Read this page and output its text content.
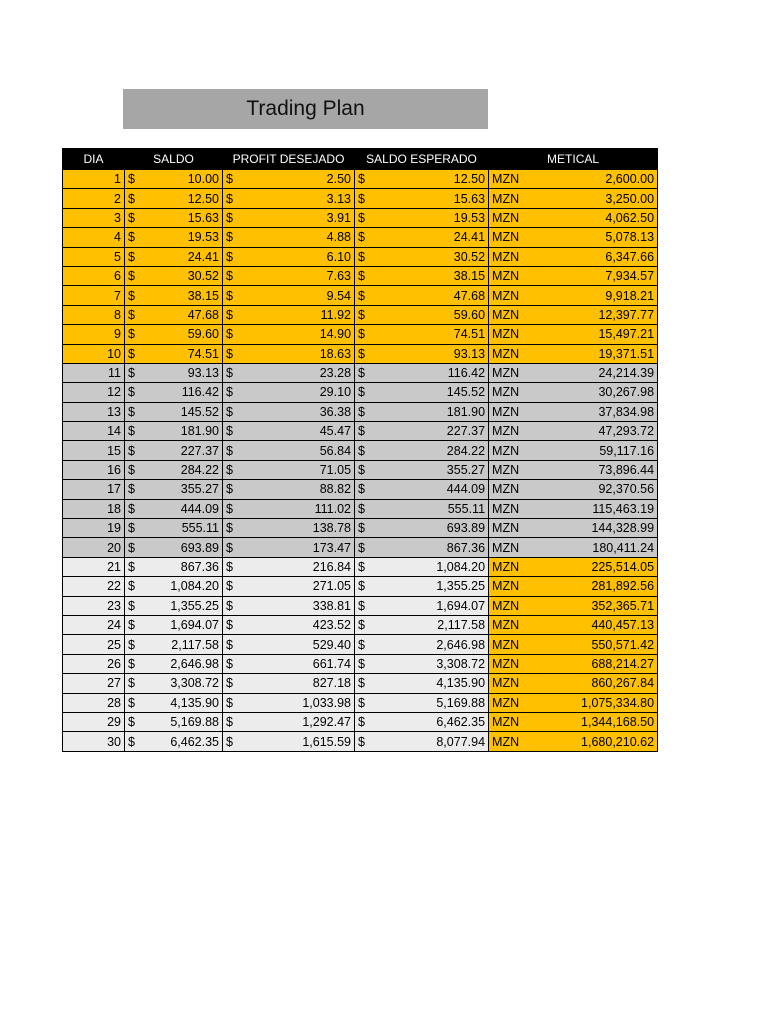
Trading Plan
DIA	SALDO		PROFIT DESEJADO		SALDO ESPERADO		METICAL	
1	$	10.00	$	2.50	$	12.50	MZN	2,600.00
2	$	12.50	$	3.13	$	15.63	MZN	3,250.00
3	$	15.63	$	3.91	$	19.53	MZN	4,062.50
4	$	19.53	$	4.88	$	24.41	MZN	5,078.13
5	$	24.41	$	6.10	$	30.52	MZN	6,347.66
6	$	30.52	$	7.63	$	38.15	MZN	7,934.57
7	$	38.15	$	9.54	$	47.68	MZN	9,918.21
8	$	47.68	$	11.92	$	59.60	MZN	12,397.77
9	$	59.60	$	14.90	$	74.51	MZN	15,497.21
10	$	74.51	$	18.63	$	93.13	MZN	19,371.51
11	$	93.13	$	23.28	$	116.42	MZN	24,214.39
12	$	116.42	$	29.10	$	145.52	MZN	30,267.98
13	$	145.52	$	36.38	$	181.90	MZN	37,834.98
14	$	181.90	$	45.47	$	227.37	MZN	47,293.72
15	$	227.37	$	56.84	$	284.22	MZN	59,117.16
16	$	284.22	$	71.05	$	355.27	MZN	73,896.44
17	$	355.27	$	88.82	$	444.09	MZN	92,370.56
18	$	444.09	$	111.02	$	555.11	MZN	115,463.19
19	$	555.11	$	138.78	$	693.89	MZN	144,328.99
20	$	693.89	$	173.47	$	867.36	MZN	180,411.24
21	$	867.36	$	216.84	$	1,084.20	MZN	225,514.05
22	$	1,084.20	$	271.05	$	1,355.25	MZN	281,892.56
23	$	1,355.25	$	338.81	$	1,694.07	MZN	352,365.71
24	$	1,694.07	$	423.52	$	2,117.58	MZN	440,457.13
25	$	2,117.58	$	529.40	$	2,646.98	MZN	550,571.42
26	$	2,646.98	$	661.74	$	3,308.72	MZN	688,214.27
27	$	3,308.72	$	827.18	$	4,135.90	MZN	860,267.84
28	$	4,135.90	$	1,033.98	$	5,169.88	MZN	1,075,334.80
29	$	5,169.88	$	1,292.47	$	6,462.35	MZN	1,344,168.50
30	$	6,462.35	$	1,615.59	$	8,077.94	MZN	1,680,210.62
